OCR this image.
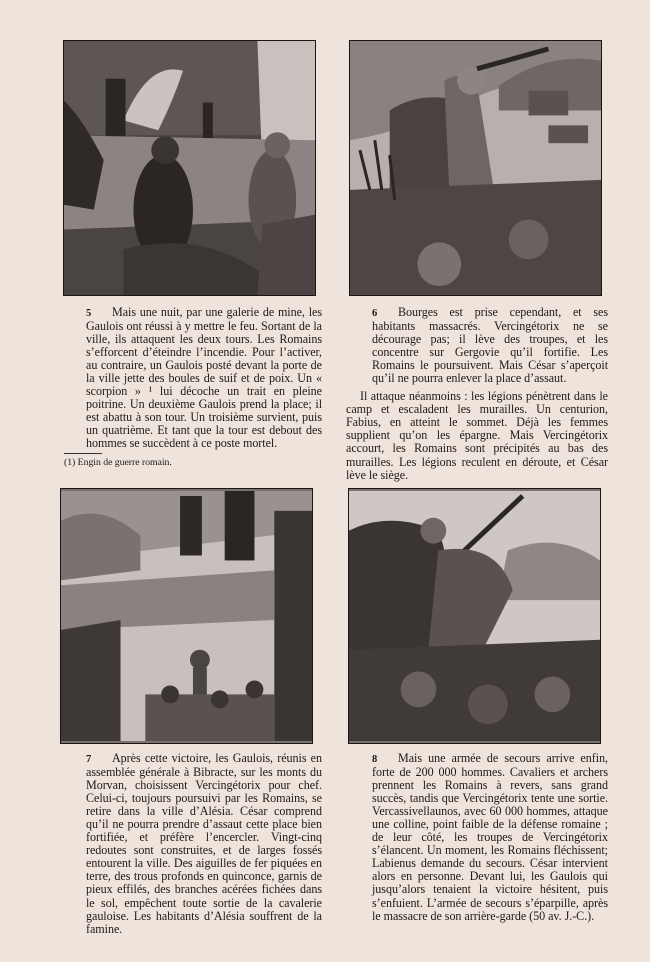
5 Mais une nuit, par une galerie de mine, les Gaulois ont réussi à y mettre le feu. Sortant de la ville, ils attaquent les deux tours. Les Romains s’efforcent d’éteindre l’incendie. Pour l’activer, au contraire, un Gaulois posté devant la porte de la ville jette des boules de suif et de poix. Un « scorpion » ¹ lui décoche un trait en pleine poitrine. Un deuxième Gaulois prend la place; il est abattu à son tour. Un troisième survient, puis un quatrième. Et tant que la tour est debout des hommes se succèdent à ce poste mortel.

(1) Engin de guerre romain.

6 Bourges est prise cependant, et ses habitants massacrés. Vercingétorix ne se décourage pas; il lève des troupes, et les concentre sur Gergovie qu’il fortifie. Les Romains le poursuivent. Mais César s’aperçoit qu’il ne pourra enlever la place d’assaut.

Il attaque néanmoins : les légions pénètrent dans le camp et escaladent les murailles. Un centurion, Fabius, en atteint le sommet. Déjà les femmes supplient qu’on les épargne. Mais Vercingétorix accourt, les Romains sont précipités au bas des murailles. Les légions reculent en déroute, et César lève le siège.

7 Après cette victoire, les Gaulois, réunis en assemblée générale à Bibracte, sur les monts du Morvan, choisissent Vercingétorix pour chef. Celui-ci, toujours poursuivi par les Romains, se retire dans la ville d’Alésia. César comprend qu’il ne pourra prendre d’assaut cette place bien fortifiée, et préfère l’encercler. Vingt-cinq redoutes sont construites, et de larges fossés entourent la ville. Des aiguilles de fer piquées en terre, des trous profonds en quinconce, garnis de pieux effilés, des branches acérées fichées dans le sol, empêchent toute sortie de la cavalerie gauloise. Les habitants d’Alésia souffrent de la famine.

8 Mais une armée de secours arrive enfin, forte de 200 000 hommes. Cavaliers et archers prennent les Romains à revers, sans grand succès, tandis que Vercingétorix tente une sortie. Vercassivellaunos, avec 60 000 hommes, attaque une colline, point faible de la défense romaine ; de leur côté, les troupes de Vercingétorix s’élancent. Un moment, les Romains fléchissent; Labienus demande du secours. César intervient alors en personne. Devant lui, les Gaulois qui jusqu’alors tenaient la victoire hésitent, puis s’enfuient. L’armée de secours s’éparpille, après le massacre de son arrière-garde (50 av. J.-C.).
